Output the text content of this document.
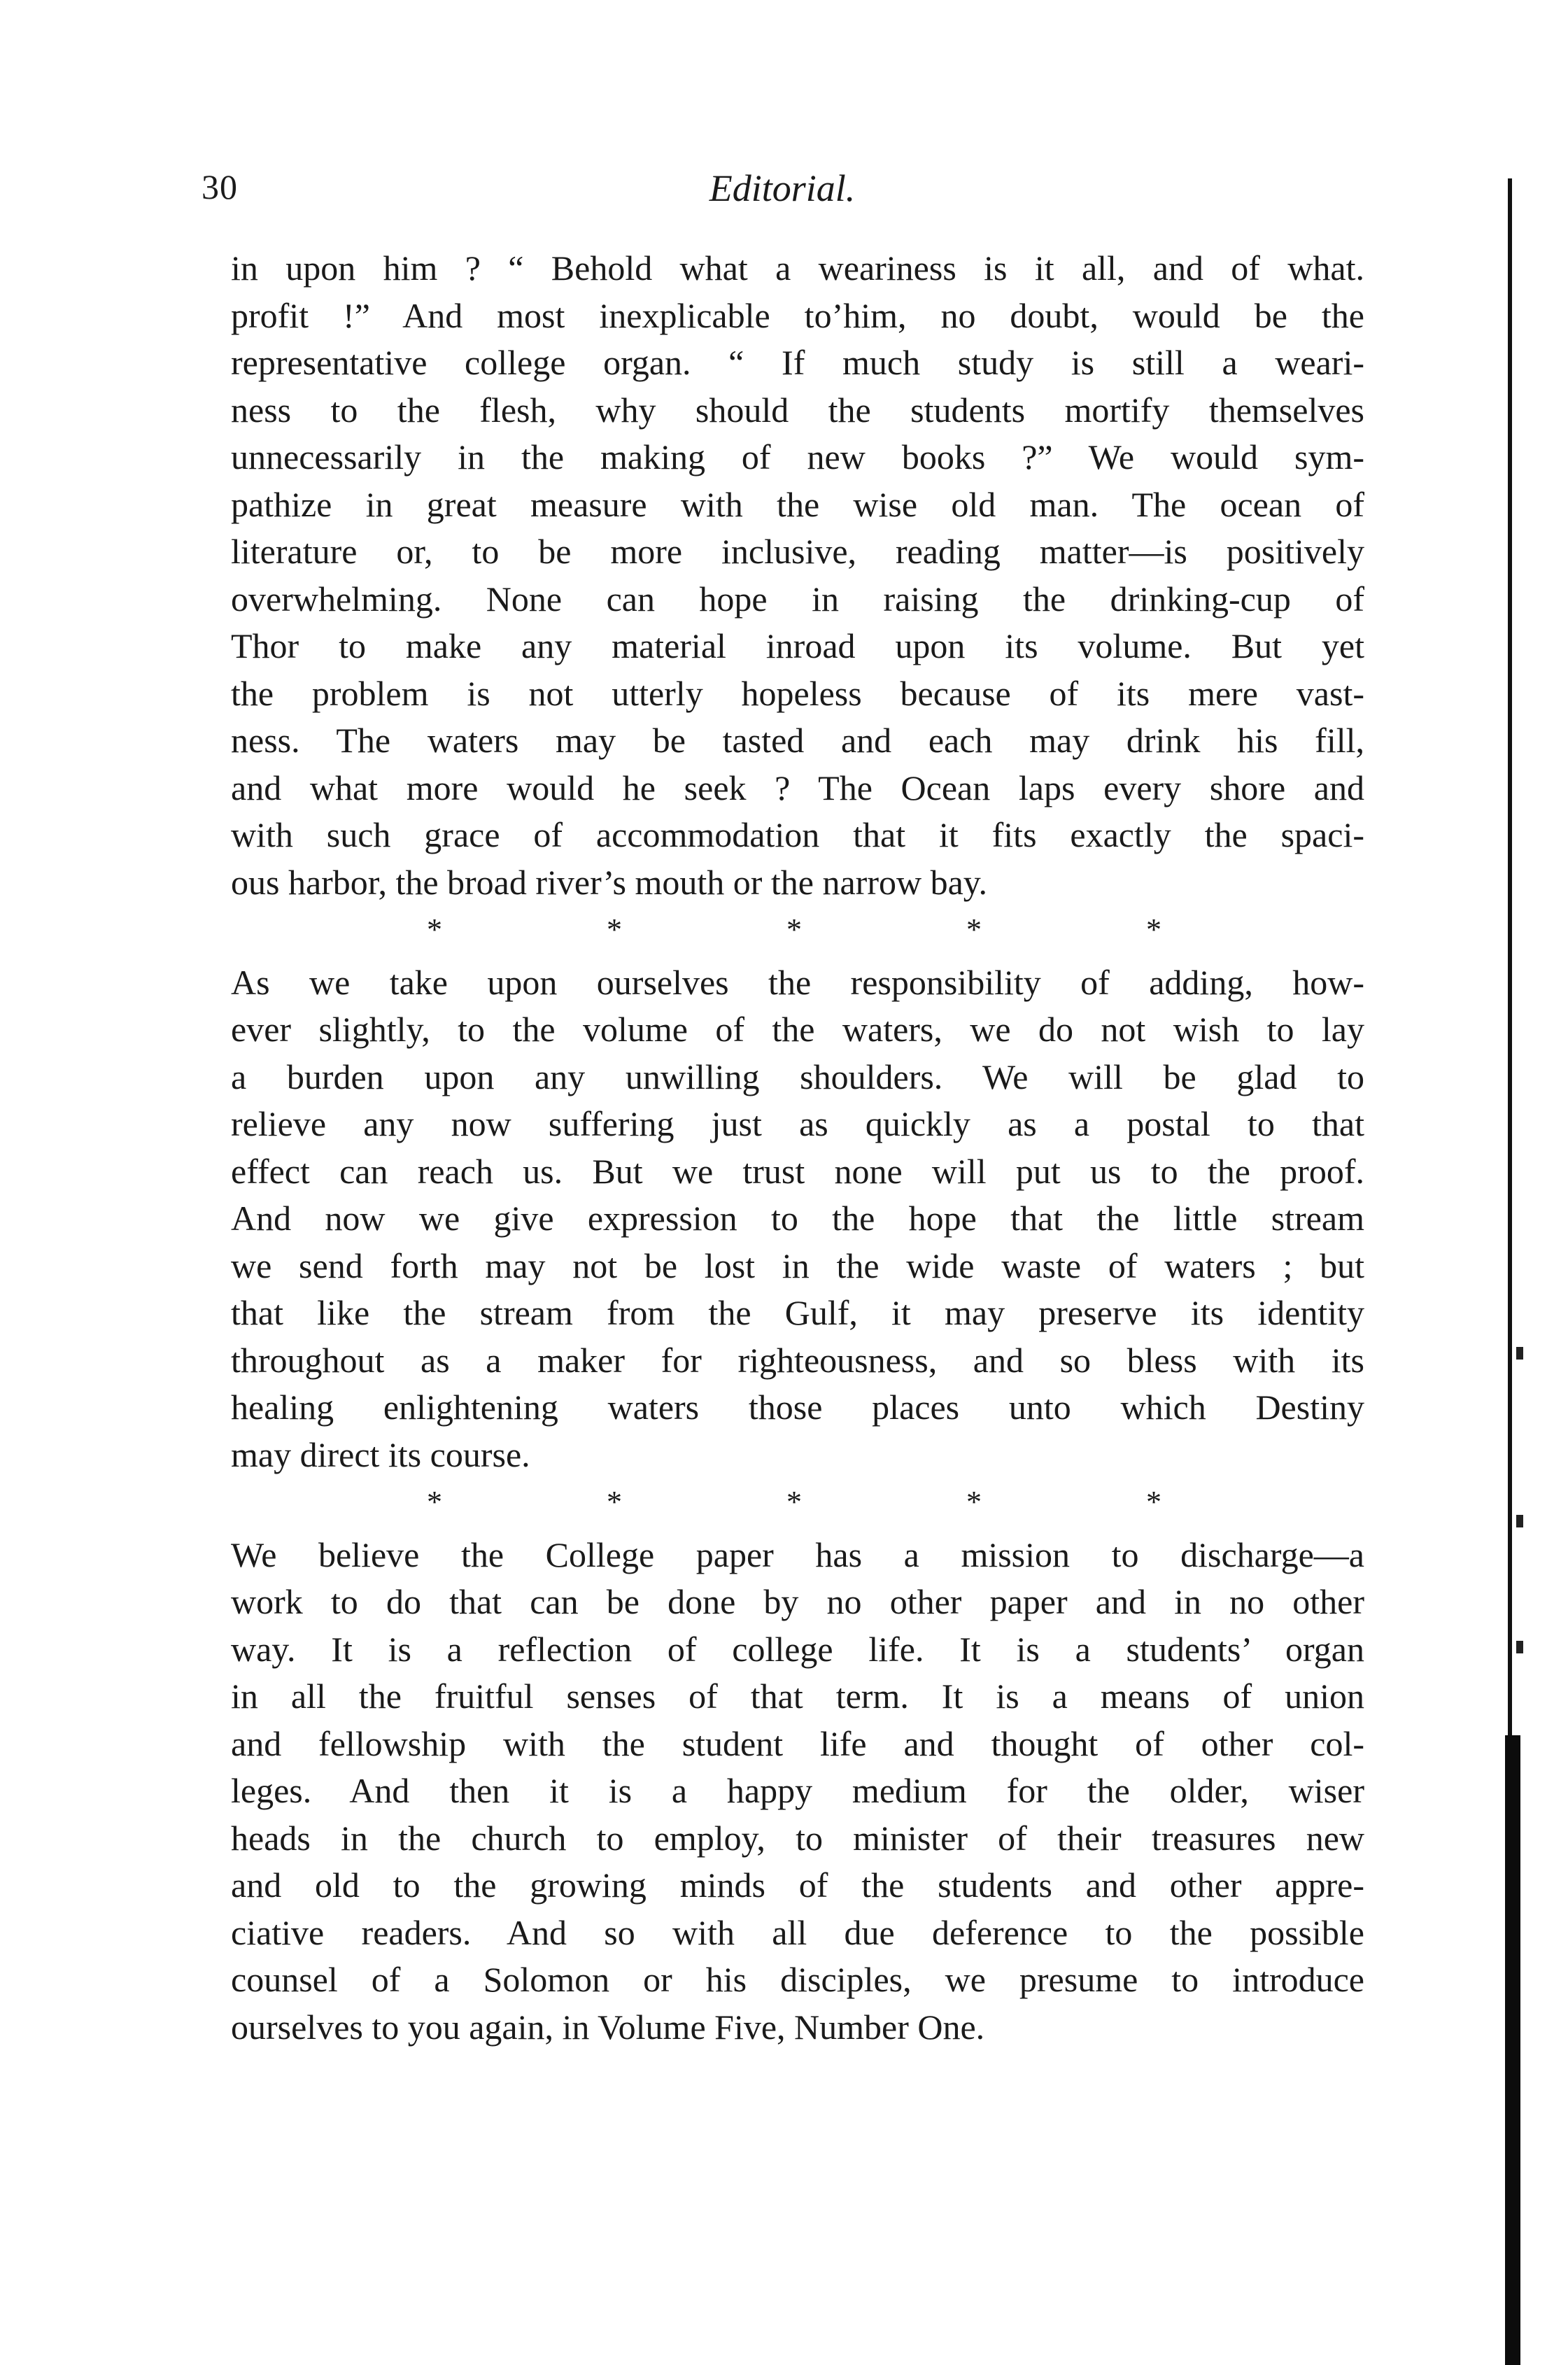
30	Editorial.
in upon him ? “ Behold what a weariness is it all, and of what.
profit !” And most inexplicable to’him, no doubt, would be the
representative college organ. “ If much study is still a weari-
ness to the flesh, why should the students mortify themselves
unnecessarily in the making of new books ?” We would sym-
pathize in great measure with the wise old man. The ocean of
literature or, to be more inclusive, reading matter—is positively
overwhelming. None can hope in raising the drinking-cup of
Thor to make any material inroad upon its volume. But yet
the problem is not utterly hopeless because of its mere vast-
ness. The waters may be tasted and each may drink his fill,
and what more would he seek ? The Ocean laps every shore and
with such grace of accommodation that it fits exactly the spaci-
ous harbor, the broad river’s mouth or the narrow bay.
*	*	*	*	*
As we take upon ourselves the responsibility of adding, how-
ever slightly, to the volume of the waters, we do not wish to lay
a burden upon any unwilling shoulders. We will be glad to
relieve any now suffering just as quickly as a postal to that
effect can reach us. But we trust none will put us to the proof.
And now we give expression to the hope that the little stream
we send forth may not be lost in the wide waste of waters ; but
that like the stream from the Gulf, it may preserve its identity
throughout as a maker for righteousness, and so bless with its
healing enlightening waters those places unto which Destiny
may direct its course.
*	*	*	*	*
We believe the College paper has a mission to discharge—a
work to do that can be done by no other paper and in no other
way. It is a reflection of college life. It is a students’ organ
in all the fruitful senses of that term. It is a means of union
and fellowship with the student life and thought of other col-
leges. And then it is a happy medium for the older, wiser
heads in the church to employ, to minister of their treasures new
and old to the growing minds of the students and other appre-
ciative readers. And so with all due deference to the possible
counsel of a Solomon or his disciples, we presume to introduce
ourselves to you again, in Volume Five, Number One.
